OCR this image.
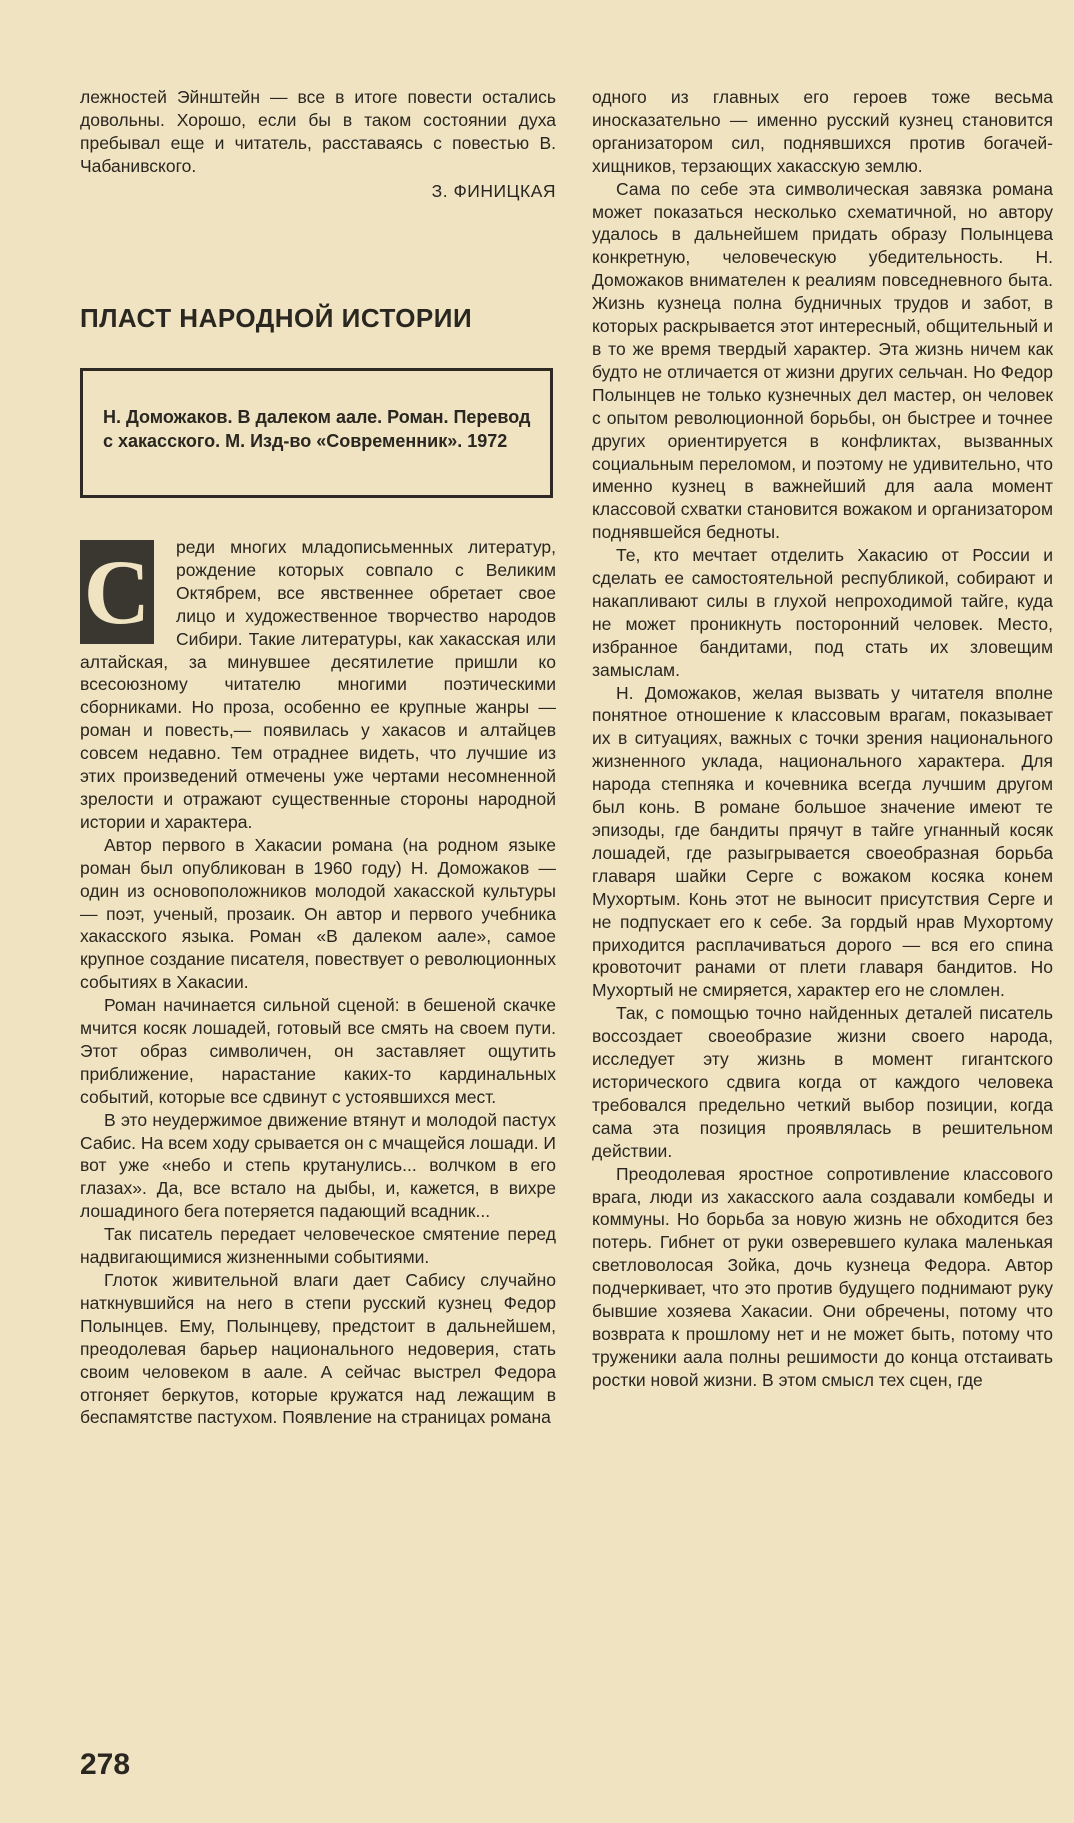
лежностей Эйнштейн — все в итоге повести остались довольны. Хорошо, если бы в таком состоянии духа пребывал еще и читатель, расставаясь с повестью В. Чабанивского.

З. ФИНИЦКАЯ
ПЛАСТ НАРОДНОЙ ИСТОРИИ
Н. Доможаков. В далеком аале. Роман. Перевод с хакасского. М. Изд-во «Современник». 1972
С	реди многих младописьменных литератур, рождение которых совпало с Великим Октябрем, все явственнее обретает свое лицо и художественное творчество народов Сибири. Такие литературы, как хакасская или алтайская, за минувшее десятилетие пришли ко всесоюзному читателю многими поэтическими сборниками. Но проза, особенно ее крупные жанры — роман и повесть,— появилась у хакасов и алтайцев совсем недавно. Тем отраднее видеть, что лучшие из этих произведений отмечены уже чертами несомненной зрелости и отражают существенные стороны народной истории и характера.

Автор первого в Хакасии романа (на родном языке роман был опубликован в 1960 году) Н. Доможаков — один из основоположников молодой хакасской культуры — поэт, ученый, прозаик. Он автор и первого учебника хакасского языка. Роман «В далеком аале», самое крупное создание писателя, повествует о революционных событиях в Хакасии.

Роман начинается сильной сценой: в бешеной скачке мчится косяк лошадей, готовый все смять на своем пути. Этот образ символичен, он заставляет ощутить приближение, нарастание каких-то кардинальных событий, которые все сдвинут с устоявшихся мест.

В это неудержимое движение втянут и молодой пастух Сабис. На всем ходу срывается он с мчащейся лошади. И вот уже «небо и степь крутанулись... волчком в его глазах». Да, все встало на дыбы, и, кажется, в вихре лошадиного бега потеряется падающий всадник...

Так писатель передает человеческое смятение перед надвигающимися жизненными событиями.

Глоток живительной влаги дает Сабису случайно наткнувшийся на него в степи русский кузнец Федор Полынцев. Ему, Полынцеву, предстоит в дальнейшем, преодолевая барьер национального недоверия, стать своим человеком в аале. А сейчас выстрел Федора отгоняет беркутов, которые кружатся над лежащим в беспамятстве пастухом. Появление на страницах романа

одного из главных его героев тоже весьма иносказательно — именно русский кузнец становится организатором сил, поднявшихся против богачей-хищников, терзающих хакасскую землю.

Сама по себе эта символическая завязка романа может показаться несколько схематичной, но автору удалось в дальнейшем придать образу Полынцева конкретную, человеческую убедительность. Н. Доможаков внимателен к реалиям повседневного быта. Жизнь кузнеца полна будничных трудов и забот, в которых раскрывается этот интересный, общительный и в то же время твердый характер. Эта жизнь ничем как будто не отличается от жизни других сельчан. Но Федор Полынцев не только кузнечных дел мастер, он человек с опытом революционной борьбы, он быстрее и точнее других ориентируется в конфликтах, вызванных социальным переломом, и поэтому не удивительно, что именно кузнец в важнейший для аала момент классовой схватки становится вожаком и организатором поднявшейся бедноты.

Те, кто мечтает отделить Хакасию от России и сделать ее самостоятельной республикой, собирают и накапливают силы в глухой непроходимой тайге, куда не может проникнуть посторонний человек. Место, избранное бандитами, под стать их зловещим замыслам.

Н. Доможаков, желая вызвать у читателя вполне понятное отношение к классовым врагам, показывает их в ситуациях, важных с точки зрения национального жизненного уклада, национального характера. Для народа степняка и кочевника всегда лучшим другом был конь. В романе большое значение имеют те эпизоды, где бандиты прячут в тайге угнанный косяк лошадей, где разыгрывается своеобразная борьба главаря шайки Серге с вожаком косяка конем Мухортым. Конь этот не выносит присутствия Серге и не подпускает его к себе. За гордый нрав Мухортому приходится расплачиваться дорого — вся его спина кровоточит ранами от плети главаря бандитов. Но Мухортый не смиряется, характер его не сломлен.

Так, с помощью точно найденных деталей писатель воссоздает своеобразие жизни своего народа, исследует эту жизнь в момент гигантского исторического сдвига когда от каждого человека требовался предельно четкий выбор позиции, когда сама эта позиция проявлялась в решительном действии.

Преодолевая яростное сопротивление классового врага, люди из хакасского аала создавали комбеды и коммуны. Но борьба за новую жизнь не обходится без потерь. Гибнет от руки озверевшего кулака маленькая светловолосая Зойка, дочь кузнеца Федора. Автор подчеркивает, что это против будущего поднимают руку бывшие хозяева Хакасии. Они обречены, потому что возврата к прошлому нет и не может быть, потому что труженики аала полны решимости до конца отстаивать ростки новой жизни. В этом смысл тех сцен, где

278
